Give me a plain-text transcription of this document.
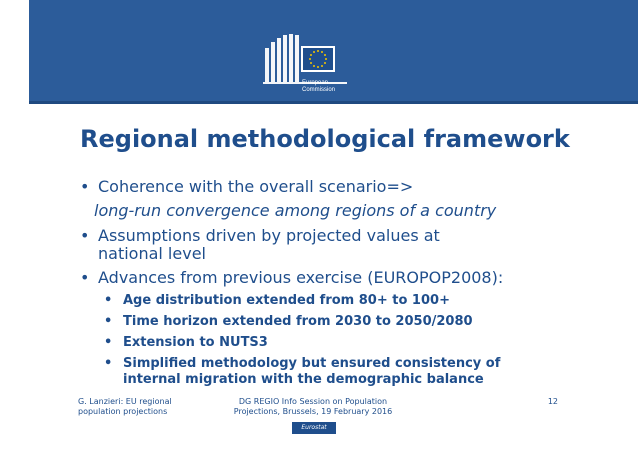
European
Commission
Regional methodological framework
• Coherence with the overall scenario=>
long-run convergence among regions of a country
• Assumptions driven by projected values at national level
• Advances from previous exercise (EUROPOP2008):
• Age distribution extended from 80+ to 100+
• Time horizon extended from 2030 to 2050/2080
• Extension to NUTS3
• Simplified methodology but ensured consistency of internal migration with the demographic balance
G. Lanzieri: EU regional
population projections
DG REGIO Info Session on Population
Projections, Brussels, 19 February 2016
12
Eurostat
